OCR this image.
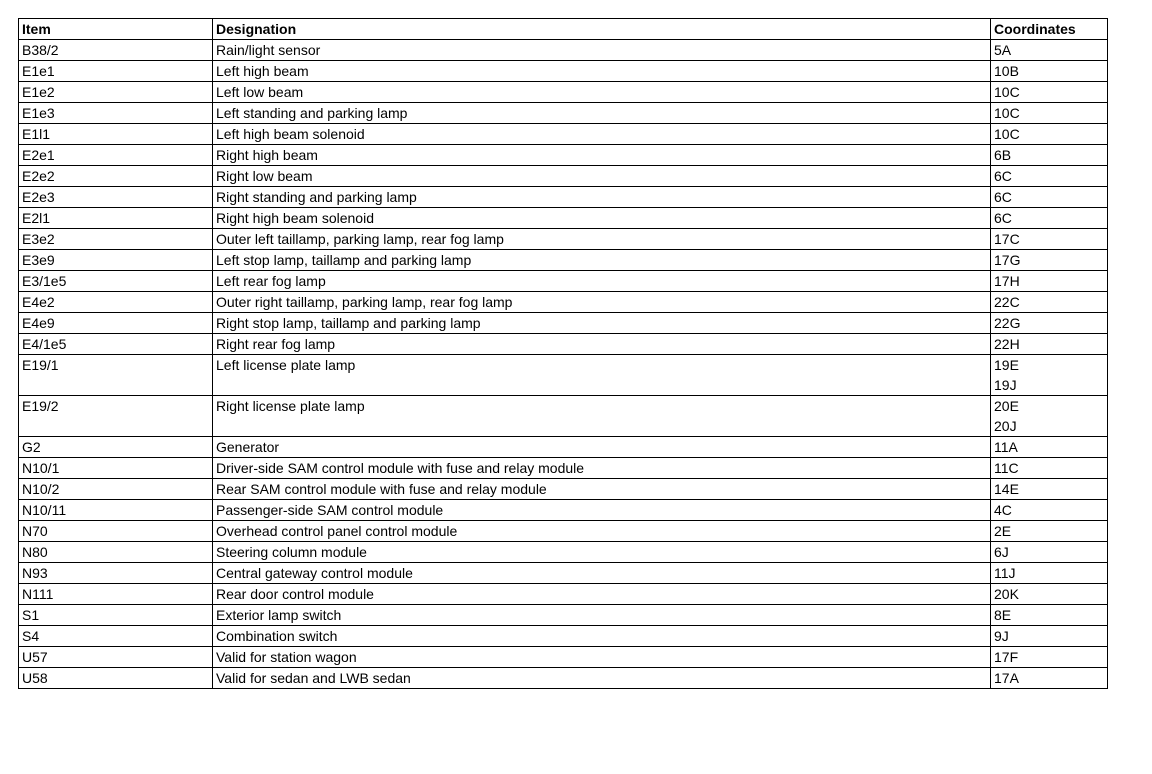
Item	Designation	Coordinates
B38/2	Rain/light sensor	5A
E1e1	Left high beam	10B
E1e2	Left low beam	10C
E1e3	Left standing and parking lamp	10C
E1l1	Left high beam solenoid	10C
E2e1	Right high beam	6B
E2e2	Right low beam	6C
E2e3	Right standing and parking lamp	6C
E2l1	Right high beam solenoid	6C
E3e2	Outer left taillamp, parking lamp, rear fog lamp	17C
E3e9	Left stop lamp, taillamp and parking lamp	17G
E3/1e5	Left rear fog lamp	17H
E4e2	Outer right taillamp, parking lamp, rear fog lamp	22C
E4e9	Right stop lamp, taillamp and parking lamp	22G
E4/1e5	Right rear fog lamp	22H
E19/1	Left license plate lamp	19E
19J
E19/2	Right license plate lamp	20E
20J
G2	Generator	11A
N10/1	Driver-side SAM control module with fuse and relay module	11C
N10/2	Rear SAM control module with fuse and relay module	14E
N10/11	Passenger-side SAM control module	4C
N70	Overhead control panel control module	2E
N80	Steering column module	6J
N93	Central gateway control module	11J
N111	Rear door control module	20K
S1	Exterior lamp switch	8E
S4	Combination switch	9J
U57	Valid for station wagon	17F
U58	Valid for sedan and LWB sedan	17A
